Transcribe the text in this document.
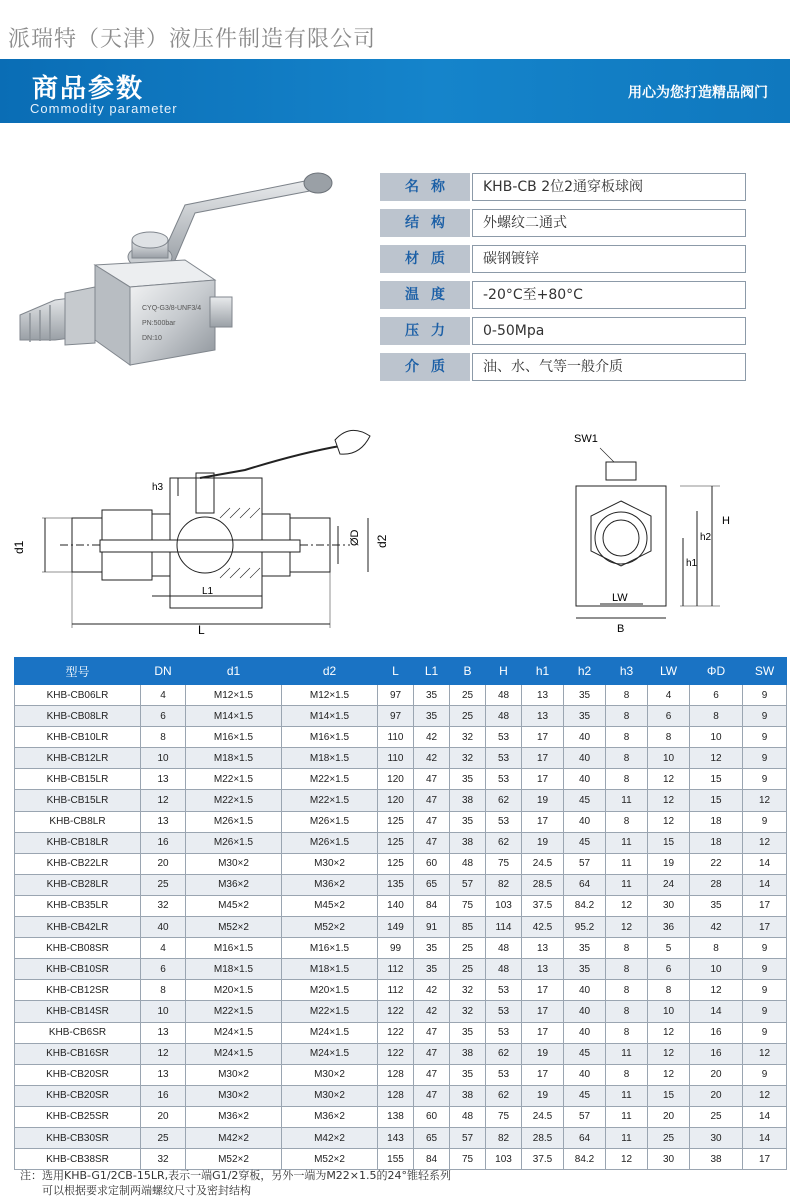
派瑞特（天津）液压件制造有限公司
商品参数
Commodity parameter
用心为您打造精品阀门
CYQ-G3/8-UNF3/4
PN:500bar
DN:10
名称	KHB-CB 2位2通穿板球阀
结构	外螺纹二通式
材质	碳钢镀锌
温度	-20°C至+80°C
压力	0-50Mpa
介质	油、水、气等一般介质
d1
h3
ØD d2
L1
L
SW1
H
h2
h1
LW
B
型号	DN	d1	d2	L	L1	B	H	h1	h2	h3	LW	ΦD	SW
KHB-CB06LR	4	M12×1.5	M12×1.5	97	35	25	48	13	35	8	4	6	9
KHB-CB08LR	6	M14×1.5	M14×1.5	97	35	25	48	13	35	8	6	8	9
KHB-CB10LR	8	M16×1.5	M16×1.5	110	42	32	53	17	40	8	8	10	9
KHB-CB12LR	10	M18×1.5	M18×1.5	110	42	32	53	17	40	8	10	12	9
KHB-CB15LR	13	M22×1.5	M22×1.5	120	47	35	53	17	40	8	12	15	9
KHB-CB15LR	12	M22×1.5	M22×1.5	120	47	38	62	19	45	11	12	15	12
KHB-CB8LR	13	M26×1.5	M26×1.5	125	47	35	53	17	40	8	12	18	9
KHB-CB18LR	16	M26×1.5	M26×1.5	125	47	38	62	19	45	11	15	18	12
KHB-CB22LR	20	M30×2	M30×2	125	60	48	75	24.5	57	11	19	22	14
KHB-CB28LR	25	M36×2	M36×2	135	65	57	82	28.5	64	11	24	28	14
KHB-CB35LR	32	M45×2	M45×2	140	84	75	103	37.5	84.2	12	30	35	17
KHB-CB42LR	40	M52×2	M52×2	149	91	85	114	42.5	95.2	12	36	42	17
KHB-CB08SR	4	M16×1.5	M16×1.5	99	35	25	48	13	35	8	5	8	9
KHB-CB10SR	6	M18×1.5	M18×1.5	112	35	25	48	13	35	8	6	10	9
KHB-CB12SR	8	M20×1.5	M20×1.5	112	42	32	53	17	40	8	8	12	9
KHB-CB14SR	10	M22×1.5	M22×1.5	122	42	32	53	17	40	8	10	14	9
KHB-CB6SR	13	M24×1.5	M24×1.5	122	47	35	53	17	40	8	12	16	9
KHB-CB16SR	12	M24×1.5	M24×1.5	122	47	38	62	19	45	11	12	16	12
KHB-CB20SR	13	M30×2	M30×2	128	47	35	53	17	40	8	12	20	9
KHB-CB20SR	16	M30×2	M30×2	128	47	38	62	19	45	11	15	20	12
KHB-CB25SR	20	M36×2	M36×2	138	60	48	75	24.5	57	11	20	25	14
KHB-CB30SR	25	M42×2	M42×2	143	65	57	82	28.5	64	11	25	30	14
KHB-CB38SR	32	M52×2	M52×2	155	84	75	103	37.5	84.2	12	30	38	17
注：选用KHB-G1/2CB-15LR,表示一端G1/2穿板，另外一端为M22×1.5的24°锥轻系列
可以根据要求定制两端螺纹尺寸及密封结构
